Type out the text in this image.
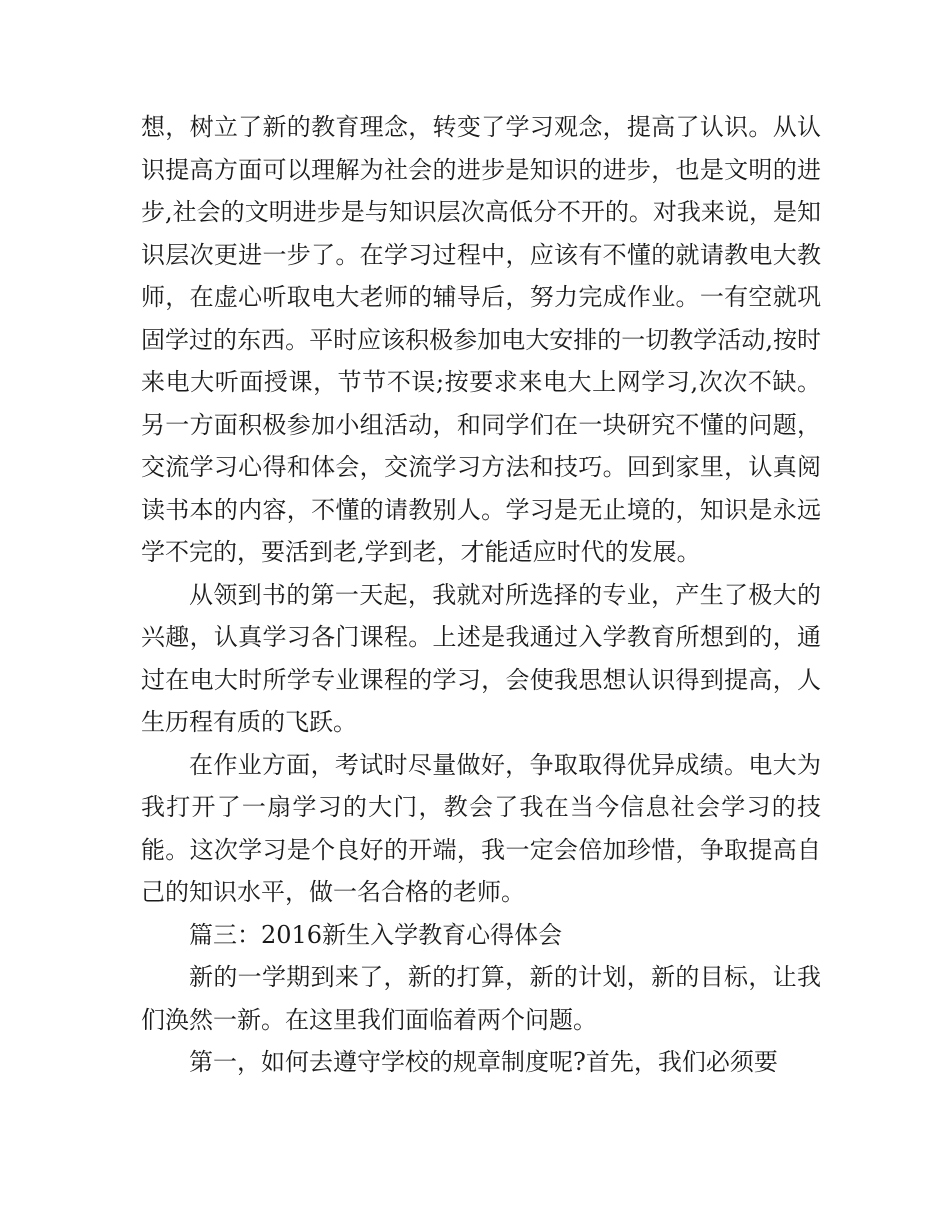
想，树立了新的教育理念，转变了学习观念，提高了认识。从认识提高方面可以理解为社会的进步是知识的进步，也是文明的进步,社会的文明进步是与知识层次高低分不开的。对我来说，是知识层次更进一步了。在学习过程中，应该有不懂的就请教电大教师，在虚心听取电大老师的辅导后，努力完成作业。一有空就巩固学过的东西。平时应该积极参加电大安排的一切教学活动,按时来电大听面授课，节节不误;按要求来电大上网学习,次次不缺。另一方面积极参加小组活动，和同学们在一块研究不懂的问题，交流学习心得和体会，交流学习方法和技巧。回到家里，认真阅读书本的内容，不懂的请教别人。学习是无止境的，知识是永远学不完的，要活到老,学到老，才能适应时代的发展。

从领到书的第一天起，我就对所选择的专业，产生了极大的兴趣，认真学习各门课程。上述是我通过入学教育所想到的，通过在电大时所学专业课程的学习，会使我思想认识得到提高，人生历程有质的飞跃。

在作业方面，考试时尽量做好，争取取得优异成绩。电大为我打开了一扇学习的大门，教会了我在当今信息社会学习的技能。这次学习是个良好的开端，我一定会倍加珍惜，争取提高自己的知识水平，做一名合格的老师。

篇三：2016新生入学教育心得体会

新的一学期到来了，新的打算，新的计划，新的目标，让我们涣然一新。在这里我们面临着两个问题。

第一，如何去遵守学校的规章制度呢?首先，我们必须要
